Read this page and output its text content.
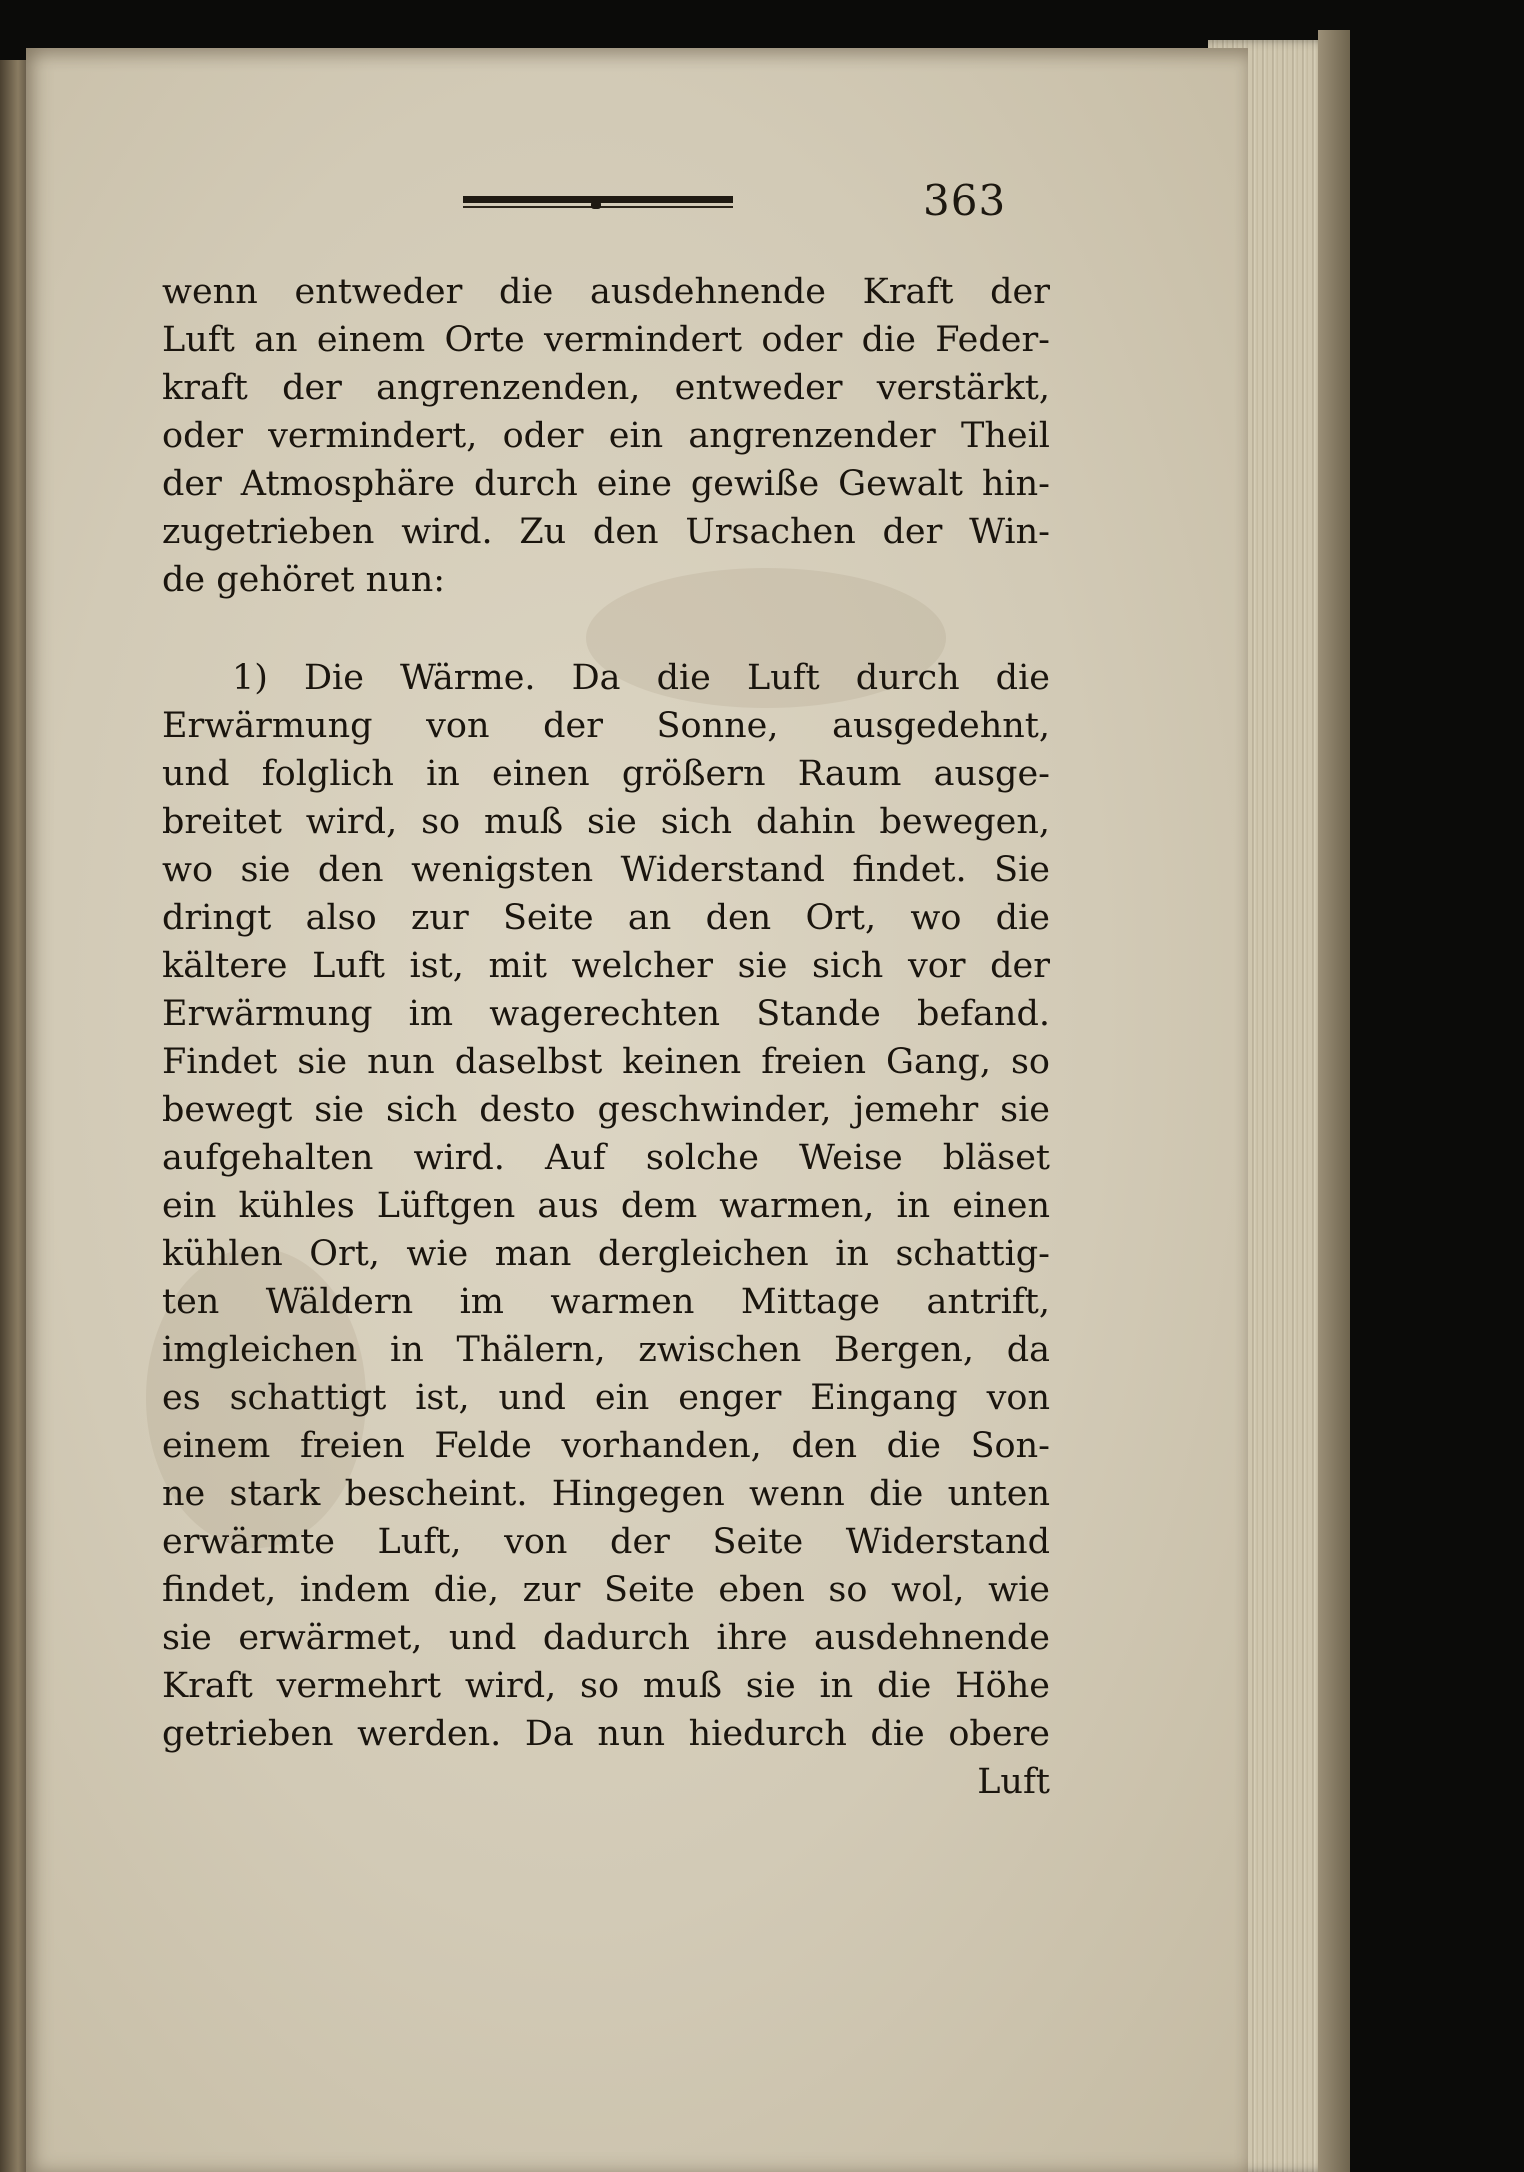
363
wenn entweder die ausdehnende Kraft der
Luft an einem Orte vermindert oder die Feder-
kraft der angrenzenden, entweder verstärkt,
oder vermindert, oder ein angrenzender Theil
der Atmosphäre durch eine gewiße Gewalt hin-
zugetrieben wird. Zu den Ursachen der Win-
de gehöret nun:
1) Die Wärme. Da die Luft durch die
Erwärmung von der Sonne, ausgedehnt,
und folglich in einen größern Raum ausge-
breitet wird, so muß sie sich dahin bewegen,
wo sie den wenigsten Widerstand findet. Sie
dringt also zur Seite an den Ort, wo die
kältere Luft ist, mit welcher sie sich vor der
Erwärmung im wagerechten Stande befand.
Findet sie nun daselbst keinen freien Gang, so
bewegt sie sich desto geschwinder, jemehr sie
aufgehalten wird. Auf solche Weise bläset
ein kühles Lüftgen aus dem warmen, in einen
kühlen Ort, wie man dergleichen in schattig-
ten Wäldern im warmen Mittage antrift,
imgleichen in Thälern, zwischen Bergen, da
es schattigt ist, und ein enger Eingang von
einem freien Felde vorhanden, den die Son-
ne stark bescheint. Hingegen wenn die unten
erwärmte Luft, von der Seite Widerstand
findet, indem die, zur Seite eben so wol, wie
sie erwärmet, und dadurch ihre ausdehnende
Kraft vermehrt wird, so muß sie in die Höhe
getrieben werden. Da nun hiedurch die obere
Luft
